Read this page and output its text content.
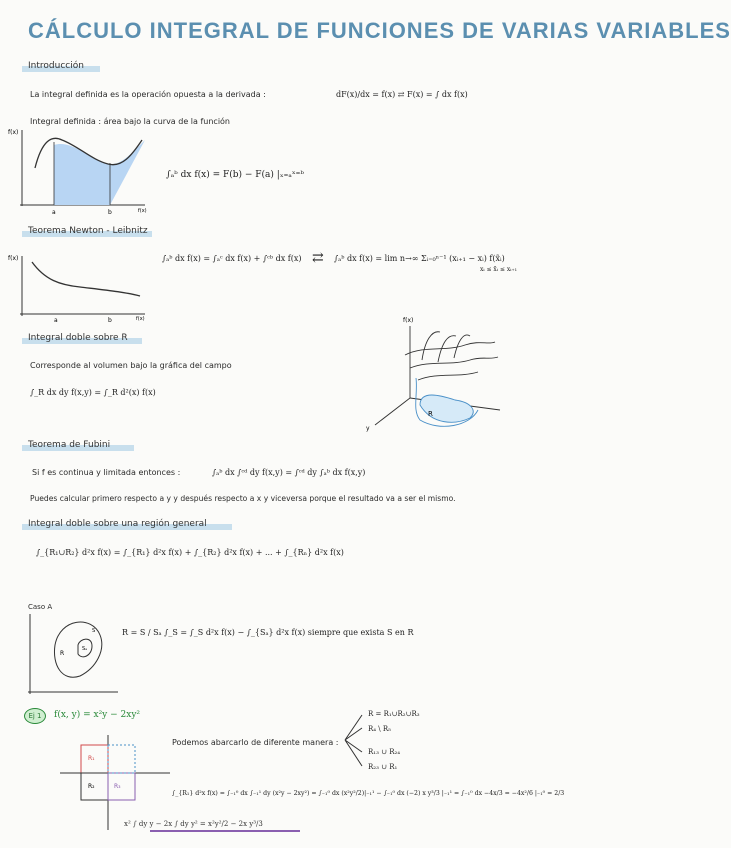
CÁLCULO INTEGRAL DE FUNCIONES DE VARIAS VARIABLES
Introducción
La integral definida es la operación opuesta a la derivada :	dF(x)/dx = f(x) ⇄ F(x) = ∫ dx f(x)
Integral definida : área bajo la curva de la función
∫ₐᵇ dx f(x) = F(b) − F(a) |ₓ₌ₐˣ⁼ᵇ
Teorema Newton - Leibnitz
∫ₐᵇ dx f(x) = ∫ₐᶜ dx f(x) + ∫ᶜᵇ dx f(x) ⇄ ∫ₐᵇ dx f(x) = lim n→∞ Σᵢ₌₀ⁿ⁻¹ (xᵢ₊₁ − xᵢ) f(x̃ᵢ)
xᵢ ≤ x̃ᵢ ≤ xᵢ₊₁
Integral doble sobre R
Corresponde al volumen bajo la gráfica del campo
∫_R dx dy f(x,y) = ∫_R d²(x) f(x)
Teorema de Fubini
Si f es continua y limitada entonces :	∫ₐᵇ dx ∫ᶜᵈ dy f(x,y) = ∫ᶜᵈ dy ∫ₐᵇ dx f(x,y)
Puedes calcular primero respecto a y y después respecto a x y viceversa porque el resultado va a ser el mismo.
Integral doble sobre una región general
∫_{R₁∪R₂} d²x f(x) = ∫_{R₁} d²x f(x) + ∫_{R₂} d²x f(x) + ... + ∫_{Rₙ} d²x f(x)
Caso A
R = S / Sₐ ∫_S = ∫_S d²x f(x) − ∫_{Sₐ} d²x f(x) siempre que exista S en R
Ej 1	f(x, y) = x²y − 2xy²
Podemos abarcarlo de diferente manera :
R = R₁∪R₂∪R₃
R₄ \ R₅
R₁₃ ∪ R₂₄
R₂₃ ∪ R₁
∫_{R₁} d²x f(x) = ∫₋₁⁰ dx ∫₋₁¹ dy (x²y − 2xy²) = ∫₋₁⁰ dx (x²y²/2)|₋₁¹ − ∫₋₁⁰ dx (−2) x y³/3 |₋₁¹ = ∫₋₁⁰ dx −4x/3 = −4x²/6 |₋₁⁰ = 2/3
x² ∫ dy y − 2x ∫ dy y² = x²y²/2 − 2x y³/3
f(x)
a	b	f(x)
f(x)
a	b	f(x)	f(x)
y
R
R
Sₐ
S
R₁
R₂	R₃
